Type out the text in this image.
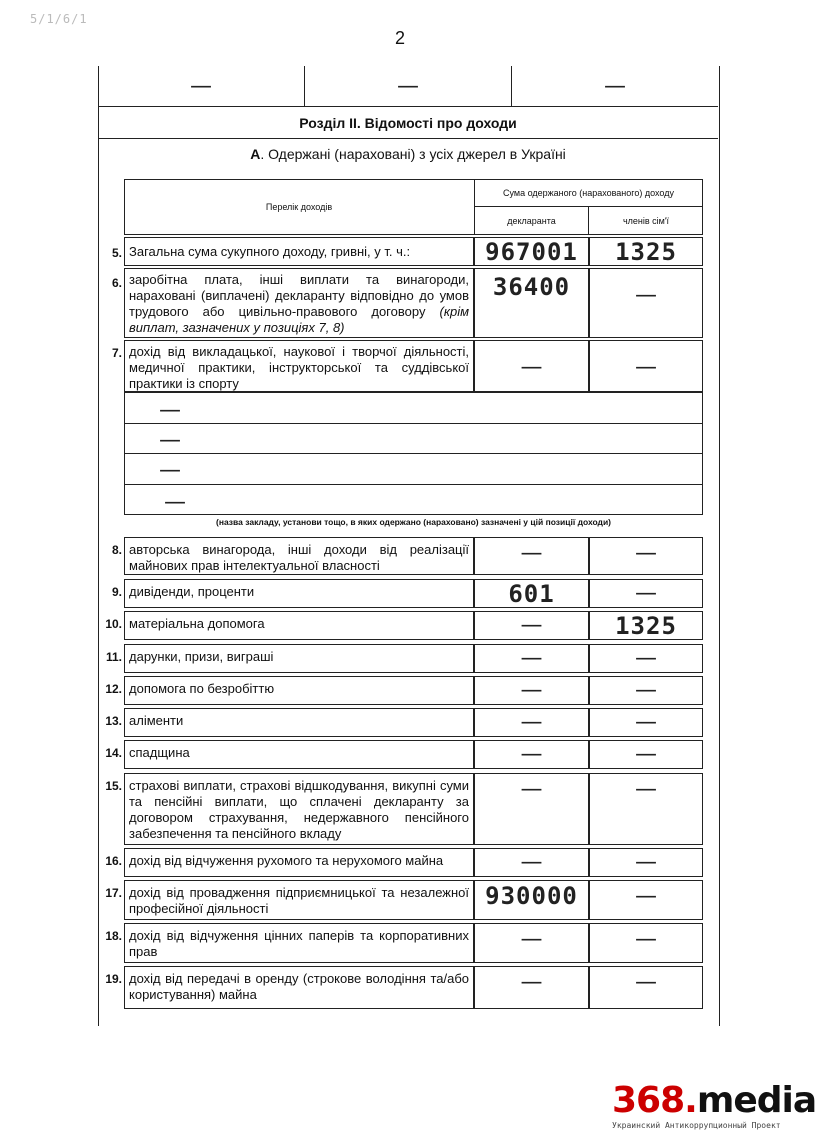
5/1/6/1
2
—	—	—
Розділ II. Відомості про доходи
А. Одержані (нараховані) з усіх джерел в Україні
Перелік доходів
Сума одержаного (нарахованого) доходу
декларанта	членів сім'ї
5. Загальна сума сукупного доходу, гривні, у т. ч.:	967001	1325
6. заробітна плата, інші виплати та винагороди, нараховані (виплачені) декларанту відповідно до умов трудового або цивільно-правового договору (крім виплат, зазначених у позиціях 7, 8)
36400	—
7. дохід від викладацької, наукової і творчої діяльності, медичної практики, інструкторської та суддівської практики із спорту
—	—
—
—
—
—
(назва закладу, установи тощо, в яких одержано (нараховано) зазначені у цій позиції доходи)
8. авторська винагорода, інші доходи від реалізації майнових прав інтелектуальної власності	—	—
9. дивіденди, проценти	601	—
10. матеріальна допомога	—	1325
11. дарунки, призи, виграші	—	—
12. допомога по безробіттю	—	—
13. аліменти	—	—
14. спадщина	—	—
15. страхові виплати, страхові відшкодування, викупні суми та пенсійні виплати, що сплачені декларанту за договором страхування, недержавного пенсійного забезпечення та пенсійного вкладу
—	—
16. дохід від відчуження рухомого та нерухомого майна	—	—
17. дохід від провадження підприємницької та незалежної професійної діяльності	930000	—
18. дохід від відчуження цінних паперів та корпоративних прав	—	—
19. дохід від передачі в оренду (строкове володіння та/або користування) майна	—	—
368.media
Украинский Антикоррупционный Проект
